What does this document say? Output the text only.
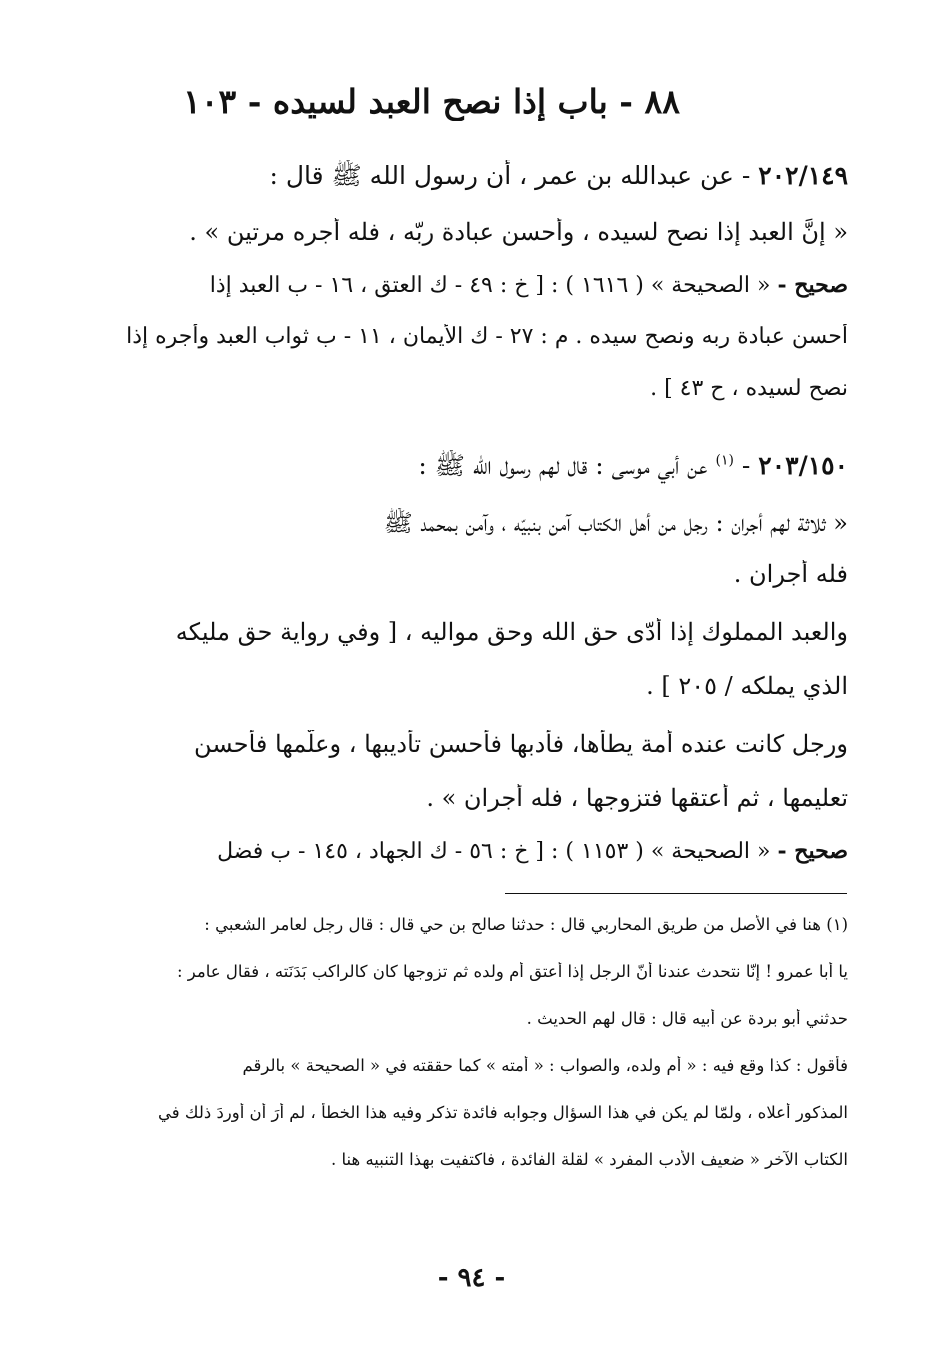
٨٨ - باب إذا نصح العبد لسيده - ١٠٣
٢٠٢/١٤٩ - عن عبدالله بن عمر ، أن رسول الله ﷺ قال :
« إنَّ العبد إذا نصح لسيده ، وأحسن عبادة ربّه ، فله أجره مرتين » .
صحيح - « الصحيحة » ( ١٦١٦ ) : [ خ : ٤٩ - ك العتق ، ١٦ - ب العبد إذا
أحسن عبادة ربه ونصح سيده . م : ٢٧ - ك الأيمان ، ١١ - ب ثواب العبد وأجره إذا
نصح لسيده ، ح ٤٣ ] .
٢٠٣/١٥٠ - $^{(١)}$ عن أبي موسى : قال لهم رسول الله ﷺ :
« ثلاثة لهم أجران : رجل من أهل الكتاب آمن بنبيّه ، وآمن بمحمد ﷺ
فله أجران .
والعبد المملوك إذا أدّى حق الله وحق مواليه ، [ وفي رواية حق مليكه
الذي يملكه / ٢٠٥ ] .
ورجل كانت عنده أمة يطأها، فأدبها فأحسن تأديبها ، وعلّمها فأحسن
تعليمها ، ثم أعتقها فتزوجها ، فله أجران » .
صحيح - « الصحيحة » ( ١١٥٣ ) : [ خ : ٥٦ - ك الجهاد ، ١٤٥ - ب فضل
(١) هنا في الأصل من طريق المحاربي قال : حدثنا صالح بن حي قال : قال رجل لعامر الشعبي :
يا أبا عمرو ! إنّا نتحدث عندنا أنّ الرجل إذا أعتق أم ولده ثم تزوجها كان كالراكب بَدَنَته ، فقال عامر :
حدثني أبو بردة عن أبيه قال : قال لهم الحديث .
فأقول : كذا وقع فيه : « أم ولده، والصواب : « أمته » كما حققته في « الصحيحة » بالرقم
المذكور أعلاه ، ولمّا لم يكن في هذا السؤال وجوابه فائدة تذكر وفيه هذا الخطأ ، لم أرَ أن أوردَ ذلك في
الكتاب الآخر « ضعيف الأدب المفرد » لقلة الفائدة ، فاكتفيت بهذا التنبيه هنا .
- ٩٤ -
